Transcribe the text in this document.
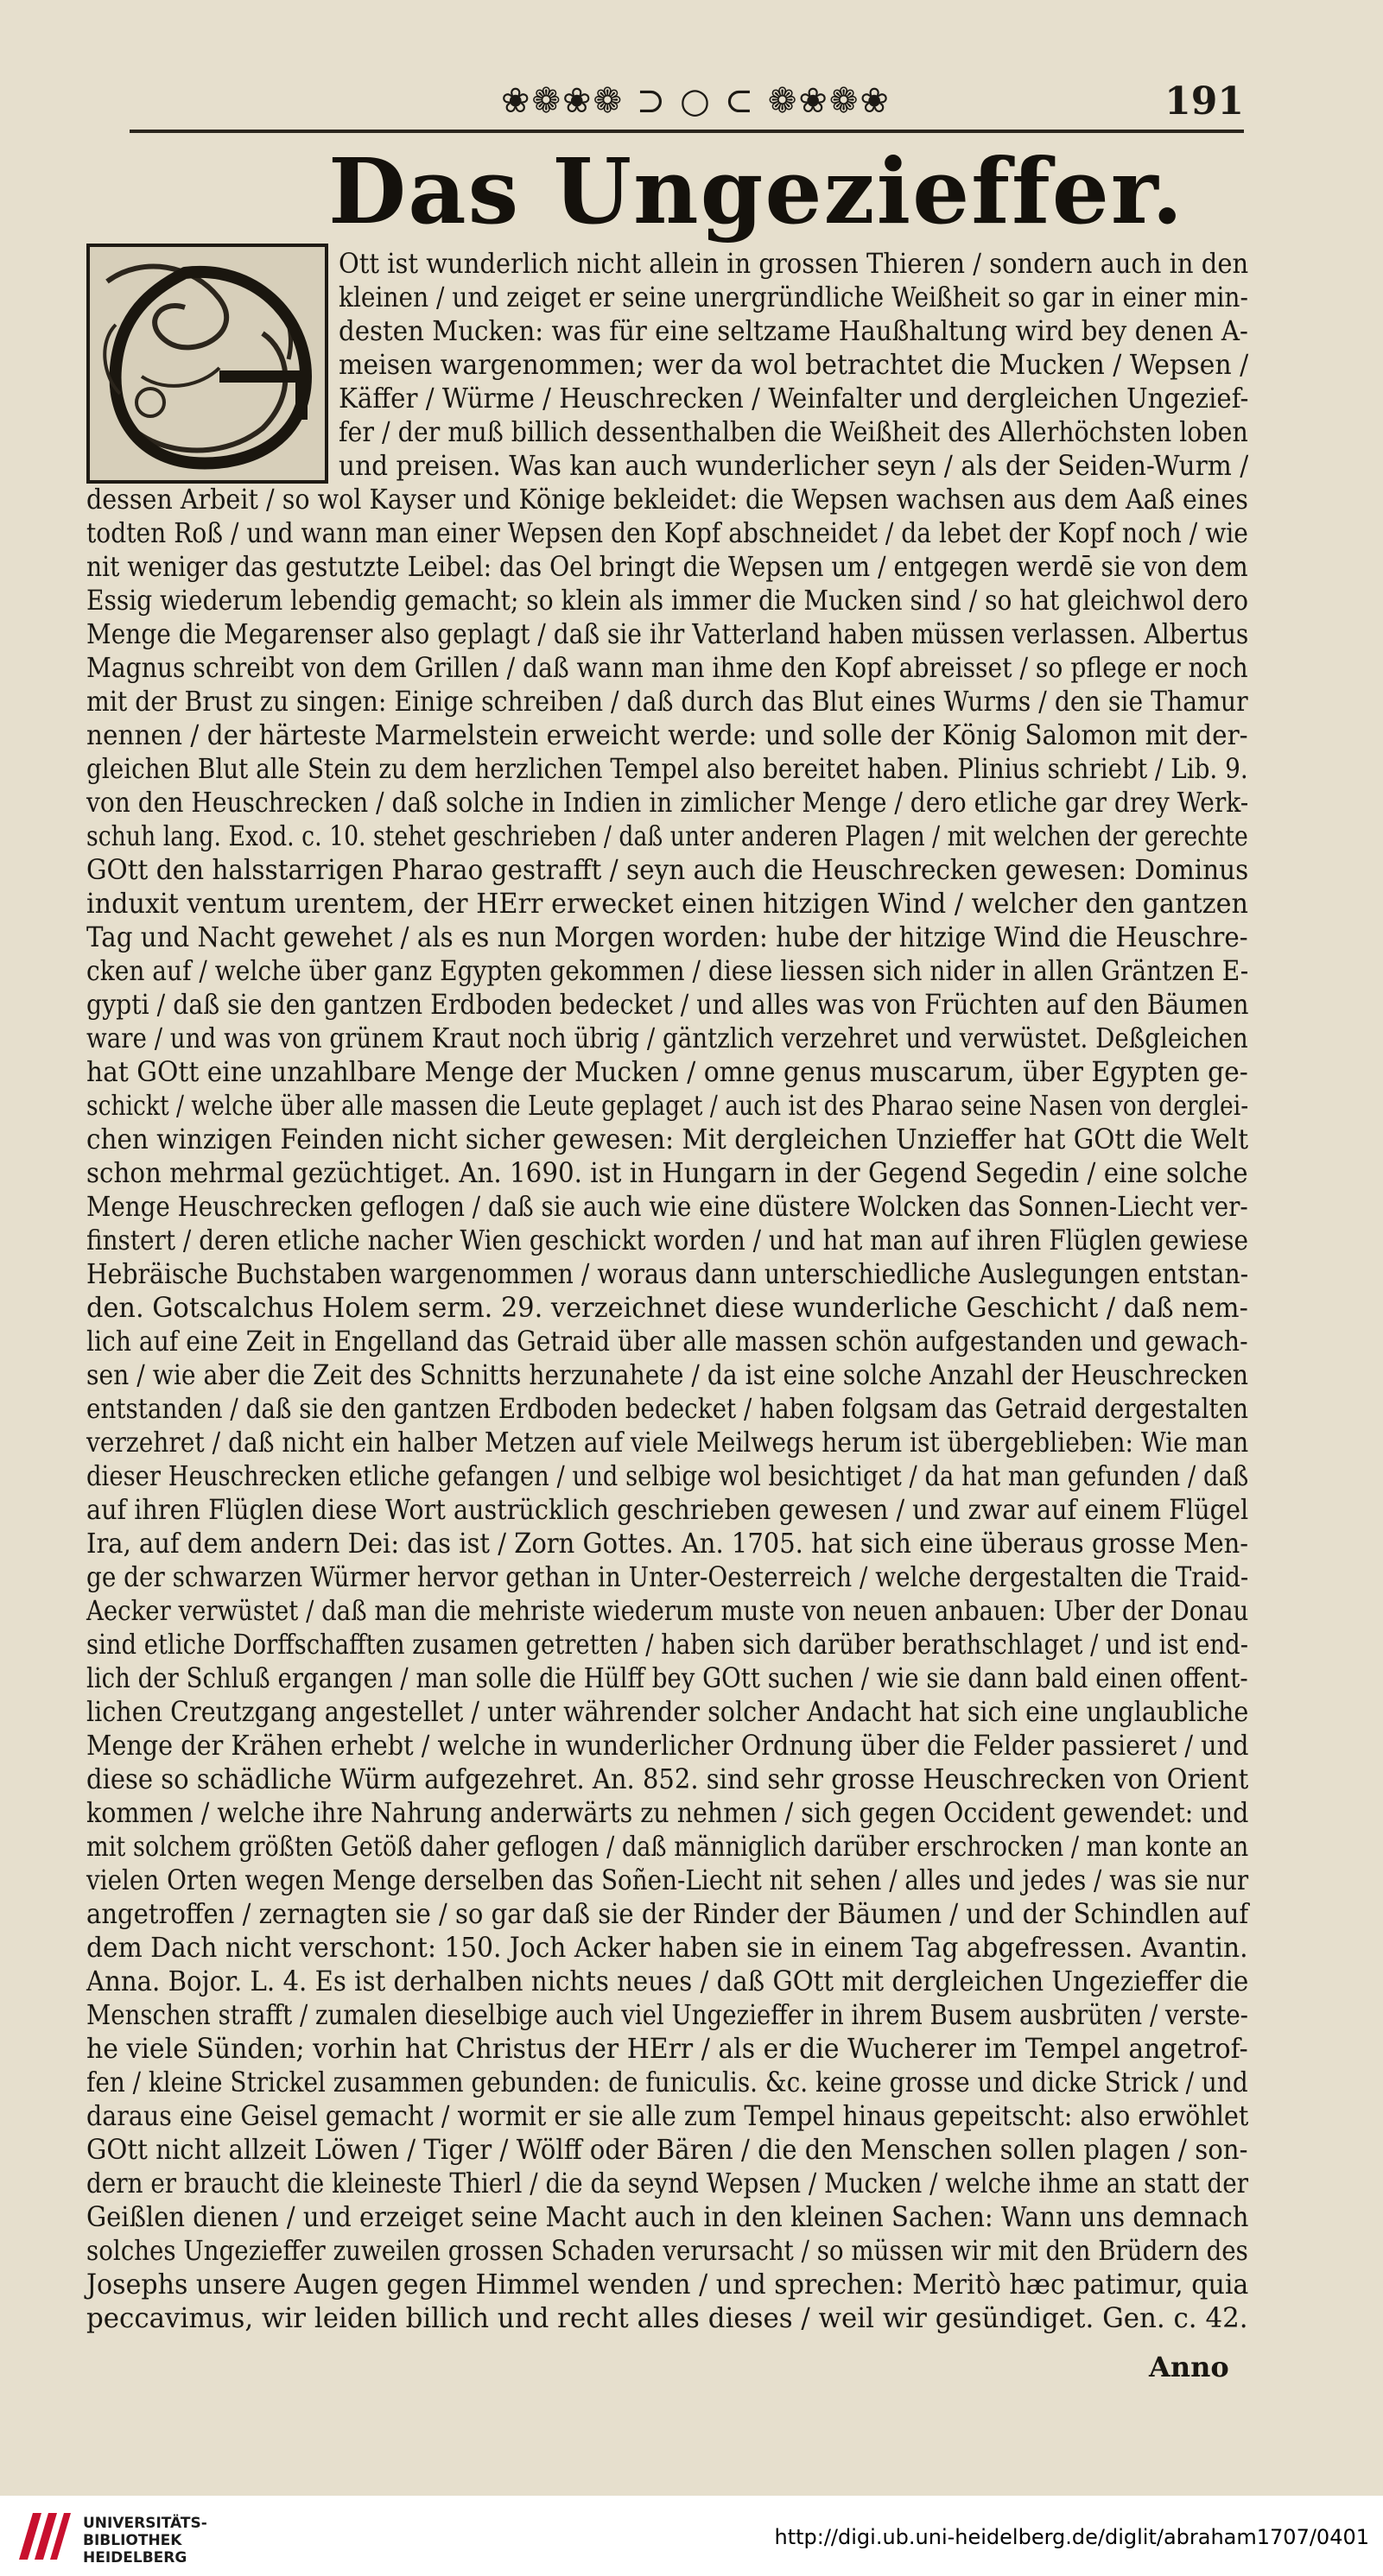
❀❁❀❁ ⊃ ○ ⊂ ❁❀❁❀	191
Das Ungezieffer.
Ott ist wunderlich nicht allein in grossen Thieren / sondern auch in den
kleinen / und zeiget er seine unergründliche Weißheit so gar in einer min-
desten Mucken: was für eine seltzame Haußhaltung wird bey denen A-
meisen wargenommen; wer da wol betrachtet die Mucken / Wepsen /
Käffer / Würme / Heuschrecken / Weinfalter und dergleichen Ungezief-
fer / der muß billich dessenthalben die Weißheit des Allerhöchsten loben
und preisen. Was kan auch wunderlicher seyn / als der Seiden-Wurm /
dessen Arbeit / so wol Kayser und Könige bekleidet: die Wepsen wachsen aus dem Aaß eines
todten Roß / und wann man einer Wepsen den Kopf abschneidet / da lebet der Kopf noch / wie
nit weniger das gestutzte Leibel: das Oel bringt die Wepsen um / entgegen werdē sie von dem
Essig wiederum lebendig gemacht; so klein als immer die Mucken sind / so hat gleichwol dero
Menge die Megarenser also geplagt / daß sie ihr Vatterland haben müssen verlassen. Albertus
Magnus schreibt von dem Grillen / daß wann man ihme den Kopf abreisset / so pflege er noch
mit der Brust zu singen: Einige schreiben / daß durch das Blut eines Wurms / den sie Thamur
nennen / der härteste Marmelstein erweicht werde: und solle der König Salomon mit der-
gleichen Blut alle Stein zu dem herzlichen Tempel also bereitet haben. Plinius schriebt / Lib. 9.
von den Heuschrecken / daß solche in Indien in zimlicher Menge / dero etliche gar drey Werk-
schuh lang. Exod. c. 10. stehet geschrieben / daß unter anderen Plagen / mit welchen der gerechte
GOtt den halsstarrigen Pharao gestrafft / seyn auch die Heuschrecken gewesen: Dominus
induxit ventum urentem, der HErr erwecket einen hitzigen Wind / welcher den gantzen
Tag und Nacht gewehet / als es nun Morgen worden: hube der hitzige Wind die Heuschre-
cken auf / welche über ganz Egypten gekommen / diese liessen sich nider in allen Gräntzen E-
gypti / daß sie den gantzen Erdboden bedecket / und alles was von Früchten auf den Bäumen
ware / und was von grünem Kraut noch übrig / gäntzlich verzehret und verwüstet. Deßgleichen
hat GOtt eine unzahlbare Menge der Mucken / omne genus muscarum, über Egypten ge-
schickt / welche über alle massen die Leute geplaget / auch ist des Pharao seine Nasen von derglei-
chen winzigen Feinden nicht sicher gewesen: Mit dergleichen Unzieffer hat GOtt die Welt
schon mehrmal gezüchtiget. An. 1690. ist in Hungarn in der Gegend Segedin / eine solche
Menge Heuschrecken geflogen / daß sie auch wie eine düstere Wolcken das Sonnen-Liecht ver-
finstert / deren etliche nacher Wien geschickt worden / und hat man auf ihren Flüglen gewiese
Hebräische Buchstaben wargenommen / woraus dann unterschiedliche Auslegungen entstan-
den. Gotscalchus Holem serm. 29. verzeichnet diese wunderliche Geschicht / daß nem-
lich auf eine Zeit in Engelland das Getraid über alle massen schön aufgestanden und gewach-
sen / wie aber die Zeit des Schnitts herzunahete / da ist eine solche Anzahl der Heuschrecken
entstanden / daß sie den gantzen Erdboden bedecket / haben folgsam das Getraid dergestalten
verzehret / daß nicht ein halber Metzen auf viele Meilwegs herum ist übergeblieben: Wie man
dieser Heuschrecken etliche gefangen / und selbige wol besichtiget / da hat man gefunden / daß
auf ihren Flüglen diese Wort austrücklich geschrieben gewesen / und zwar auf einem Flügel
Ira, auf dem andern Dei: das ist / Zorn Gottes. An. 1705. hat sich eine überaus grosse Men-
ge der schwarzen Würmer hervor gethan in Unter-Oesterreich / welche dergestalten die Traid-
Aecker verwüstet / daß man die mehriste wiederum muste von neuen anbauen: Uber der Donau
sind etliche Dorffschafften zusamen getretten / haben sich darüber berathschlaget / und ist end-
lich der Schluß ergangen / man solle die Hülff bey GOtt suchen / wie sie dann bald einen offent-
lichen Creutzgang angestellet / unter währender solcher Andacht hat sich eine unglaubliche
Menge der Krähen erhebt / welche in wunderlicher Ordnung über die Felder passieret / und
diese so schädliche Würm aufgezehret. An. 852. sind sehr grosse Heuschrecken von Orient
kommen / welche ihre Nahrung anderwärts zu nehmen / sich gegen Occident gewendet: und
mit solchem größten Getöß daher geflogen / daß männiglich darüber erschrocken / man konte an
vielen Orten wegen Menge derselben das Soñen-Liecht nit sehen / alles und jedes / was sie nur
angetroffen / zernagten sie / so gar daß sie der Rinder der Bäumen / und der Schindlen auf
dem Dach nicht verschont: 150. Joch Acker haben sie in einem Tag abgefressen. Avantin.
Anna. Bojor. L. 4. Es ist derhalben nichts neues / daß GOtt mit dergleichen Ungezieffer die
Menschen strafft / zumalen dieselbige auch viel Ungezieffer in ihrem Busem ausbrüten / verste-
he viele Sünden; vorhin hat Christus der HErr / als er die Wucherer im Tempel angetrof-
fen / kleine Strickel zusammen gebunden: de funiculis. &c. keine grosse und dicke Strick / und
daraus eine Geisel gemacht / wormit er sie alle zum Tempel hinaus gepeitscht: also erwöhlet
GOtt nicht allzeit Löwen / Tiger / Wölff oder Bären / die den Menschen sollen plagen / son-
dern er braucht die kleineste Thierl / die da seynd Wepsen / Mucken / welche ihme an statt der
Geißlen dienen / und erzeiget seine Macht auch in den kleinen Sachen: Wann uns demnach
solches Ungezieffer zuweilen grossen Schaden verursacht / so müssen wir mit den Brüdern des
Josephs unsere Augen gegen Himmel wenden / und sprechen: Meritò hæc patimur, quia
peccavimus, wir leiden billich und recht alles dieses / weil wir gesündiget. Gen. c. 42.
Anno
UNIVERSITÄTS-
BIBLIOTHEK
HEIDELBERG
http://digi.ub.uni-heidelberg.de/diglit/abraham1707/0401
